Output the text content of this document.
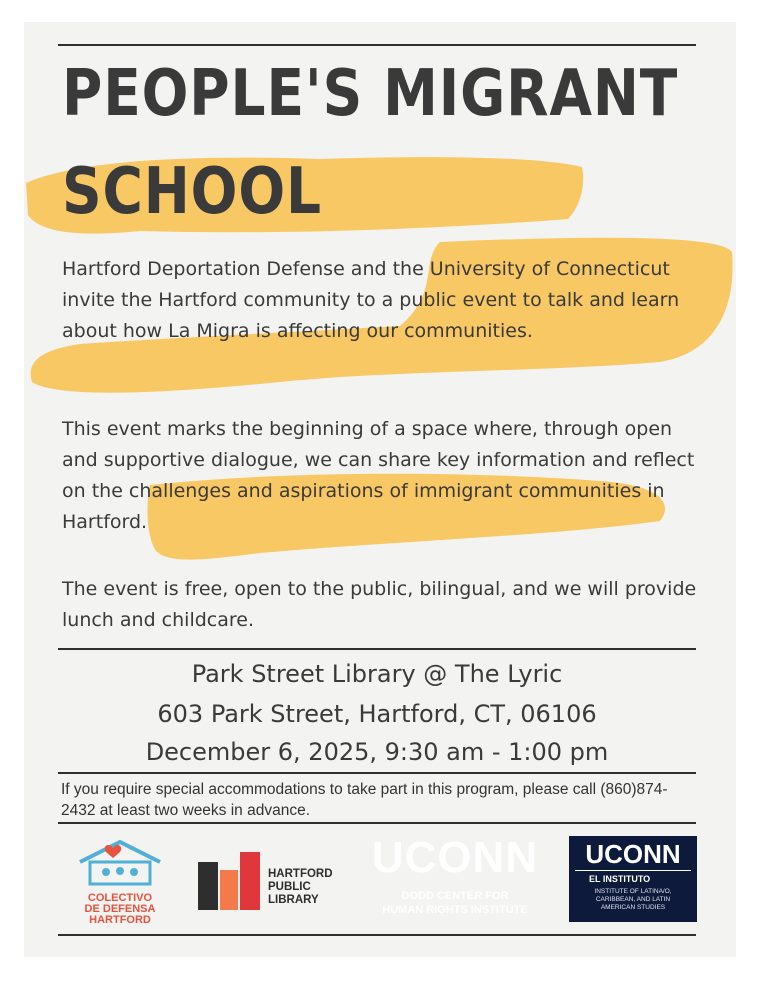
PEOPLE'S MIGRANT
SCHOOL

Hartford Deportation Defense and the University of Connecticut invite the Hartford community to a public event to talk and learn about how La Migra is affecting our communities.

This event marks the beginning of a space where, through open and supportive dialogue, we can share key information and reflect on the challenges and aspirations of immigrant communities in Hartford.

The event is free, open to the public, bilingual, and we will provide lunch and childcare.

Park Street Library @ The Lyric

603 Park Street, Hartford, CT, 06106

December 6, 2025, 9:30 am - 1:00 pm

If you require special accommodations to take part in this program, please call (860)874-2432 at least two weeks in advance.

COLECTIVO
DE DEFENSA
HARTFORD
HARTFORD
PUBLIC
LIBRARY
UCONN
DODD CENTER FOR
HUMAN RIGHTS INSTITUTE
UCONN
EL INSTITUTO
INSTITUTE OF LATINA/O,
CARIBBEAN, AND LATIN
AMERICAN STUDIES
